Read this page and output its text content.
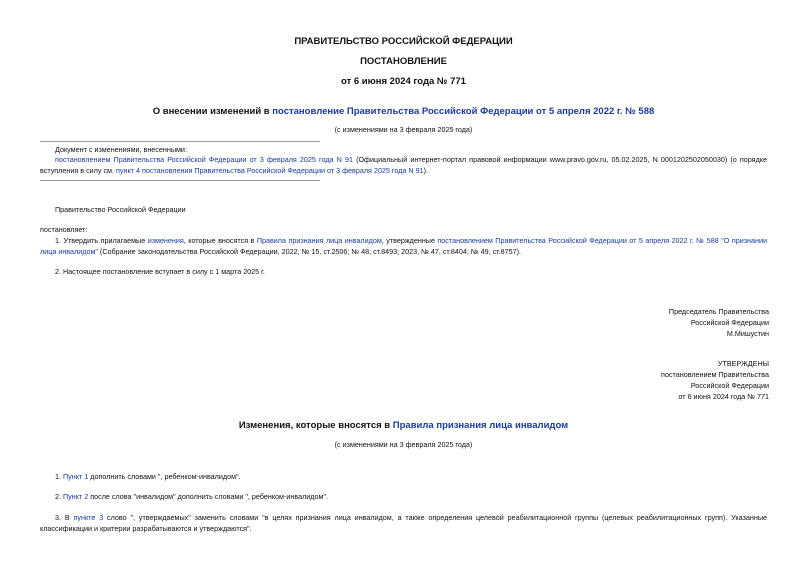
ПРАВИТЕЛЬСТВО РОССИЙСКОЙ ФЕДЕРАЦИИ
ПОСТАНОВЛЕНИЕ
от 6 июня 2024 года № 771
О внесении изменений в постановление Правительства Российской Федерации от 5 апреля 2022 г. № 588
(с изменениями на 3 февраля 2025 года)
Документ с изменениями, внесенными:
постановлением Правительства Российской Федерации от 3 февраля 2025 года N 91 (Официальный интернет-портал правовой информации www.pravo.gov.ru, 05.02.2025, N 0001202502050030) (о порядке вступления в силу см. пункт 4 постановления Правительства Российской Федерации от 3 февраля 2025 года N 91).
Правительство Российской Федерации
постановляет:
1. Утвердить прилагаемые изменения, которые вносятся в Правила признания лица инвалидом, утвержденные постановлением Правительства Российской Федерации от 5 апреля 2022 г. № 588 "О признании лица инвалидом" (Собрание законодательства Российской Федерации, 2022, № 15, ст.2506; № 48, ст.8493; 2023, № 47, ст.8404; № 49, ст.8757).
2. Настоящее постановление вступает в силу с 1 марта 2025 г.
Председатель Правительства
Российской Федерации
М.Мишустин
УТВЕРЖДЕНЫ
постановлением Правительства
Российской Федерации
от 6 июня 2024 года № 771
Изменения, которые вносятся в Правила признания лица инвалидом
(с изменениями на 3 февраля 2025 года)
1. Пункт 1 дополнить словами ", ребенком-инвалидом".
2. Пункт 2 после слова "инвалидом" дополнить словами ", ребенком-инвалидом".
3. В пункте 3 слово ", утверждаемых" заменить словами "в целях признания лица инвалидом, а также определения целевой реабилитационной группы (целевых реабилитационных групп). Указанные классификации и критерии разрабатываются и утверждаются".
